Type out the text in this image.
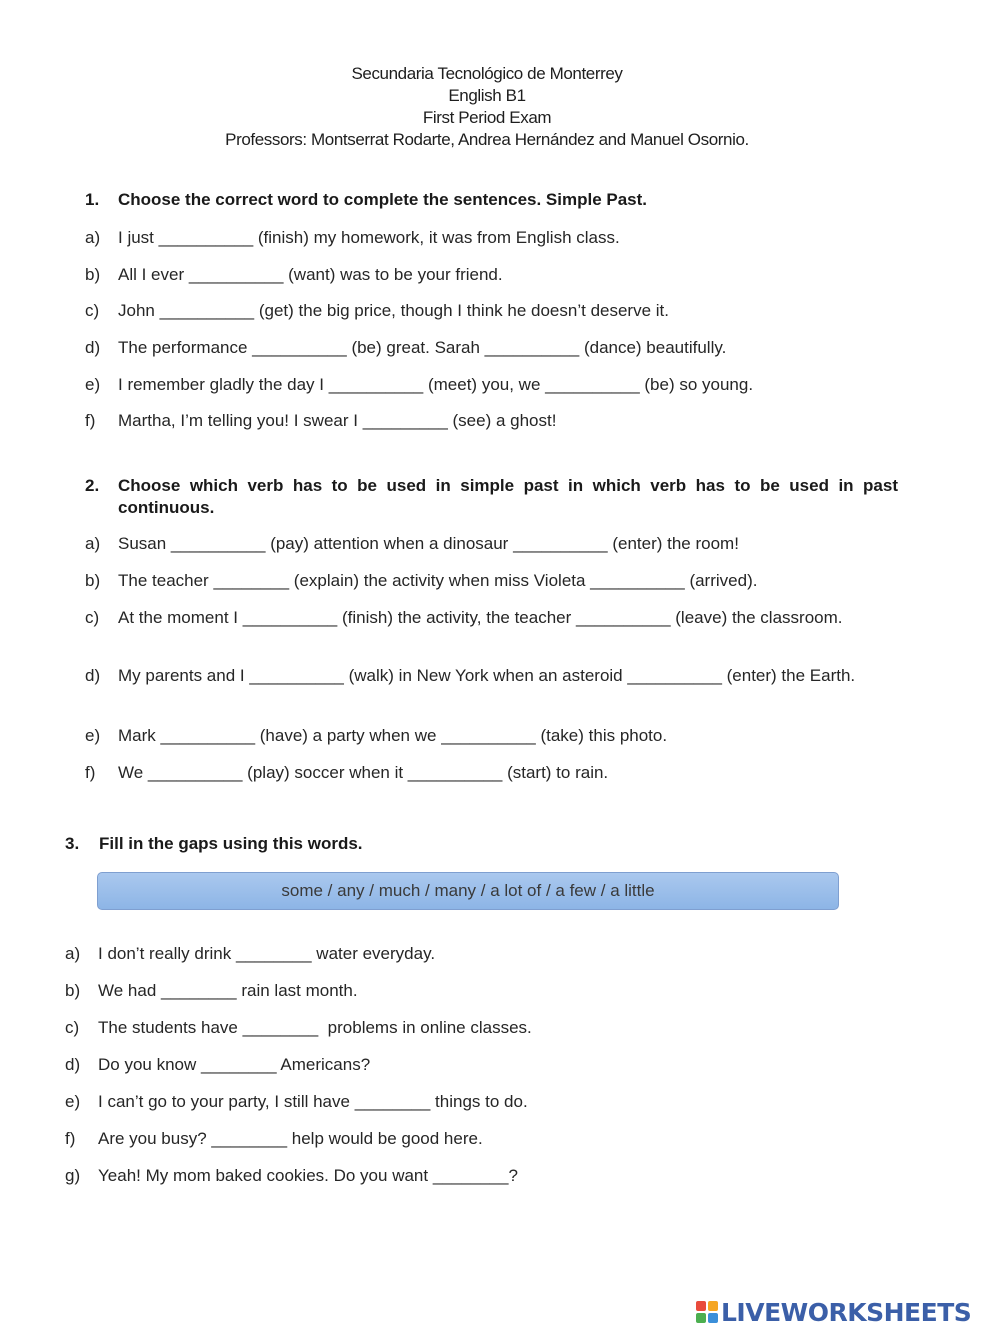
Secundaria Tecnológico de Monterrey
English B1
First Period Exam
Professors: Montserrat Rodarte, Andrea Hernández and Manuel Osornio.
1. Choose the correct word to complete the sentences. Simple Past.
a) I just __________ (finish) my homework, it was from English class.
b) All I ever __________ (want) was to be your friend.
c) John __________ (get) the big price, though I think he doesn’t deserve it.
d) The performance __________ (be) great. Sarah __________ (dance) beautifully.
e) I remember gladly the day I __________ (meet) you, we __________ (be) so young.
f) Martha, I’m telling you! I swear I _________ (see) a ghost!
2. Choose which verb has to be used in simple past in which verb has to be used in past continuous.
a) Susan __________ (pay) attention when a dinosaur __________ (enter) the room!
b) The teacher ________ (explain) the activity when miss Violeta __________ (arrived).
c) At the moment I __________ (finish) the activity, the teacher __________ (leave) the classroom.
d) My parents and I __________ (walk) in New York when an asteroid __________ (enter) the Earth.
e) Mark __________ (have) a party when we __________ (take) this photo.
f) We __________ (play) soccer when it __________ (start) to rain.
3. Fill in the gaps using this words.
some / any / much / many / a lot of / a few / a little
a) I don’t really drink ________ water everyday.
b) We had ________ rain last month.
c) The students have ________  problems in online classes.
d) Do you know ________ Americans?
e) I can’t go to your party, I still have ________ things to do.
f) Are you busy? ________ help would be good here.
g) Yeah! My mom baked cookies. Do you want ________?
LIVEWORKSHEETS
